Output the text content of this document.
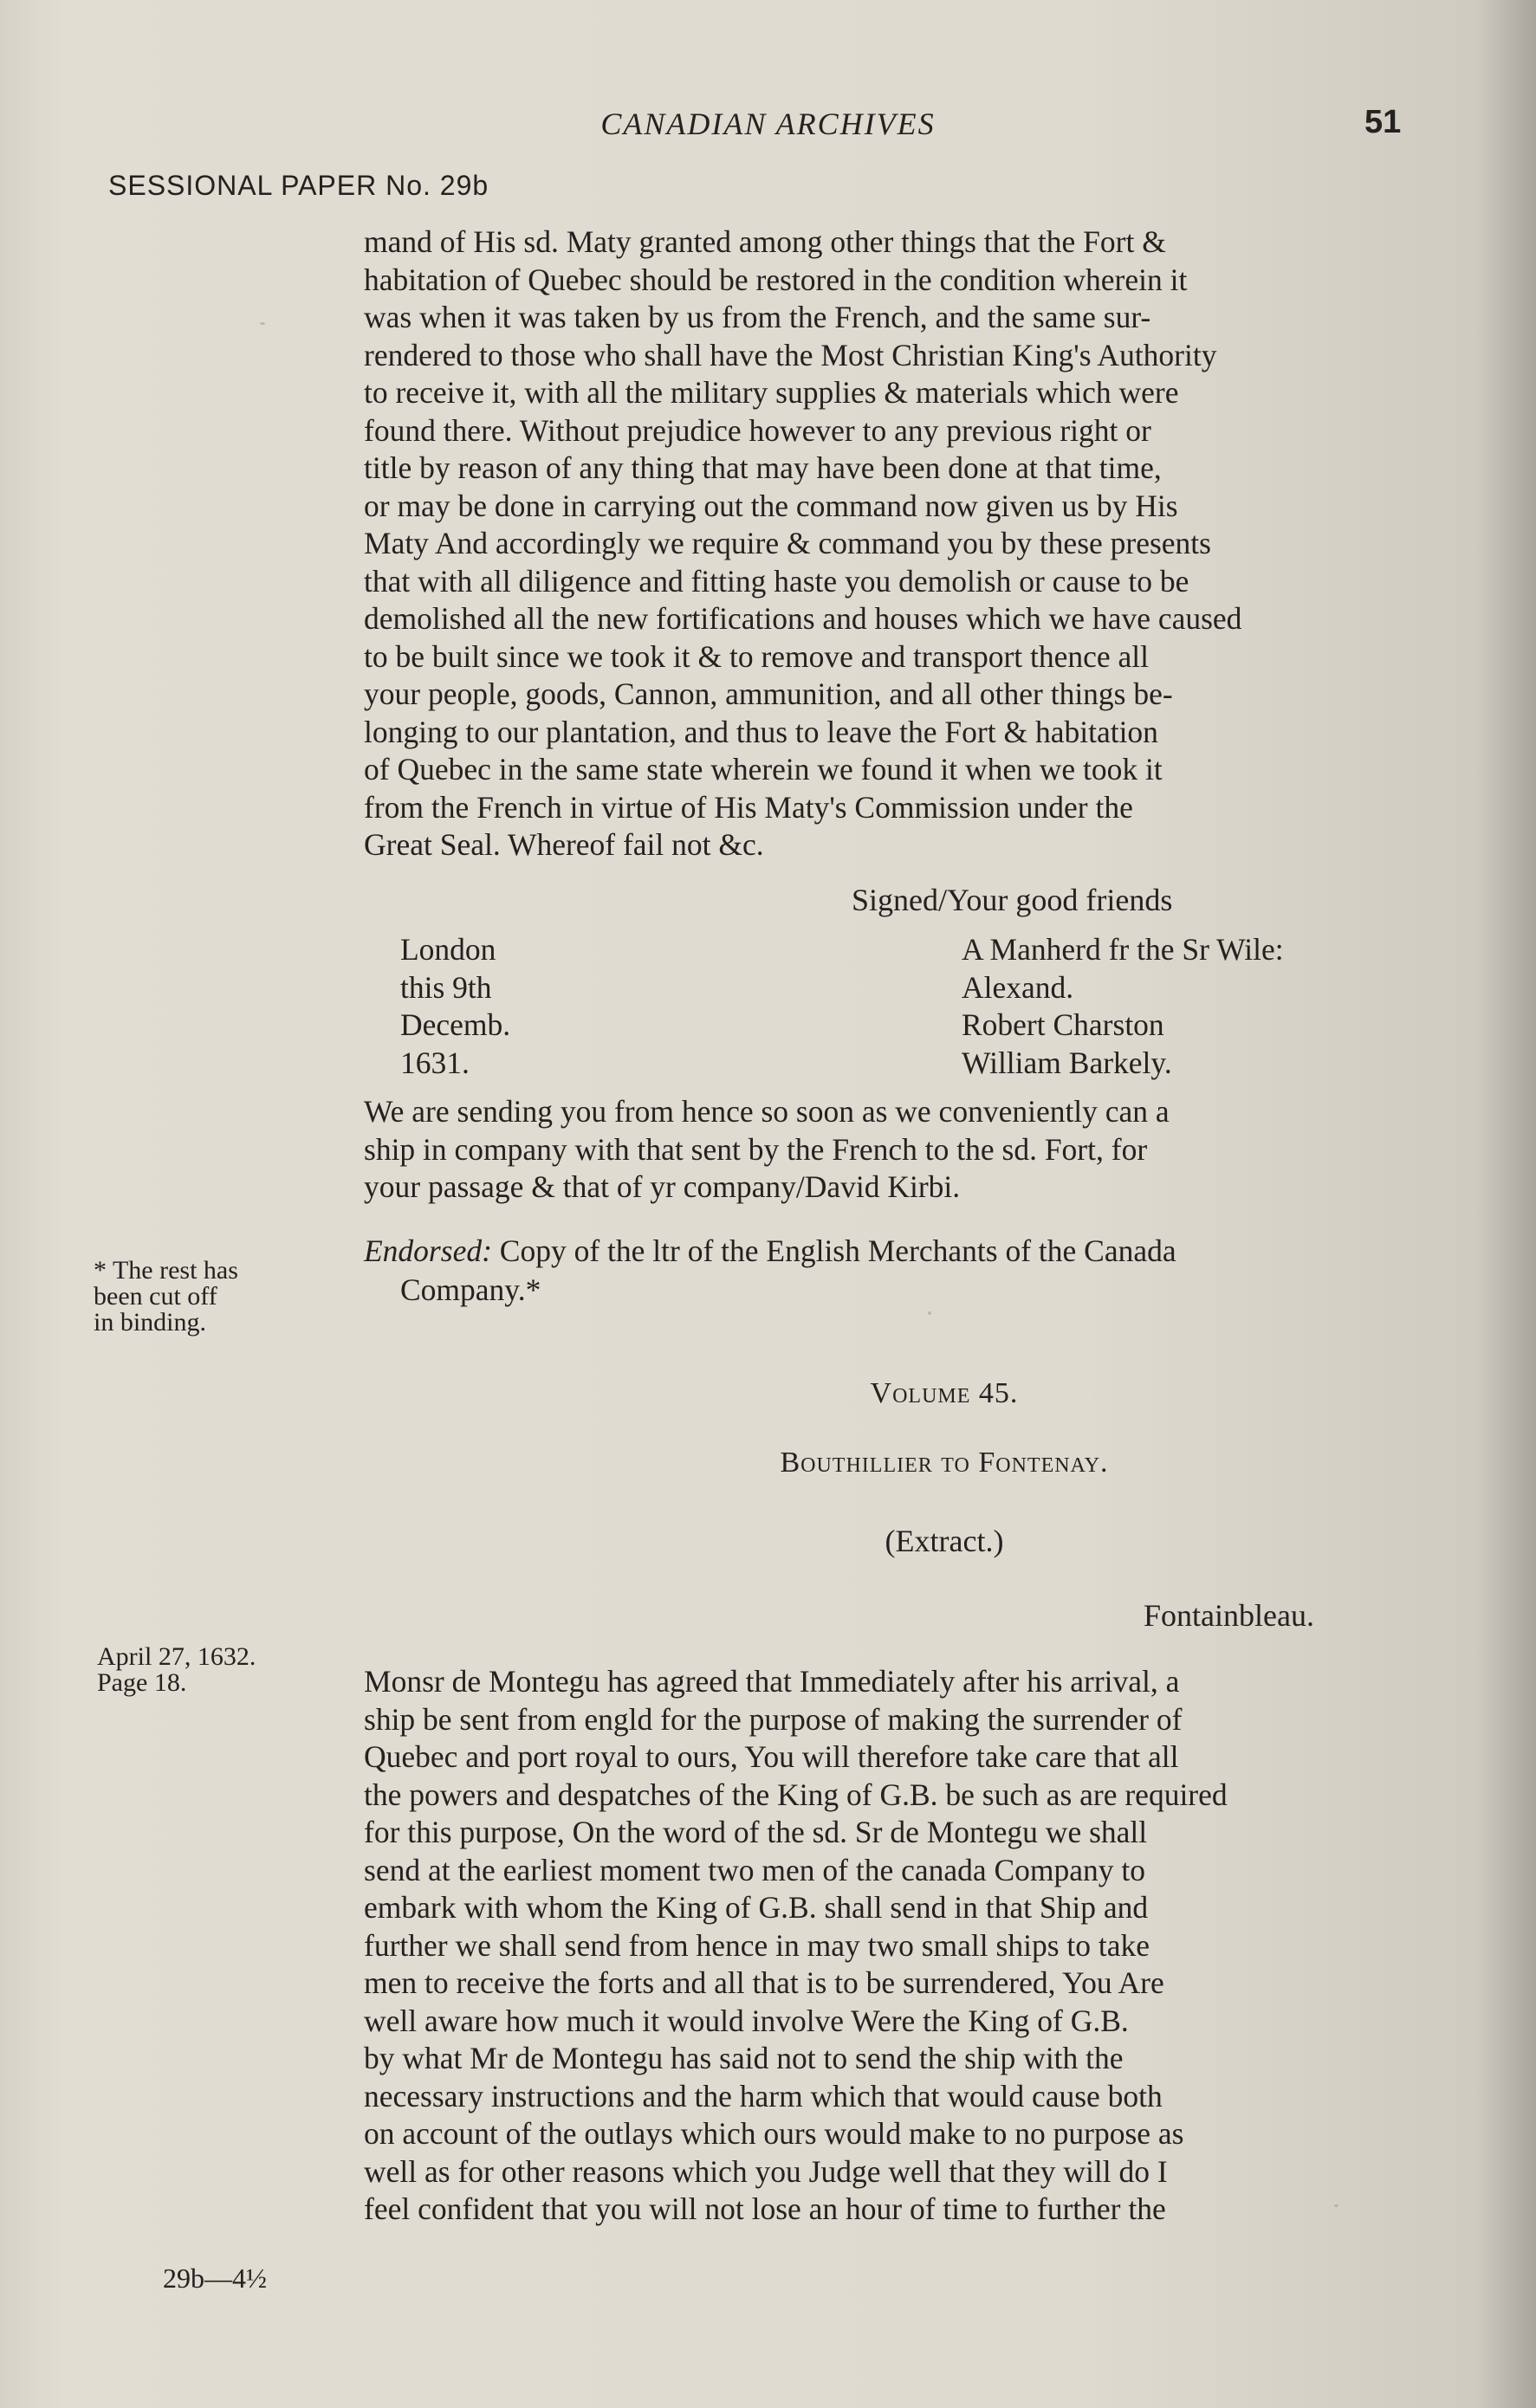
CANADIAN ARCHIVES	51
SESSIONAL PAPER No. 29b

mand of His sd. Maty granted among other things that the Fort &

habitation of Quebec should be restored in the condition wherein it

was when it was taken by us from the French, and the same sur-

rendered to those who shall have the Most Christian King's Authority

to receive it, with all the military supplies & materials which were

found there. Without prejudice however to any previous right or

title by reason of any thing that may have been done at that time,

or may be done in carrying out the command now given us by His

Maty And accordingly we require & command you by these presents

that with all diligence and fitting haste you demolish or cause to be

demolished all the new fortifications and houses which we have caused

to be built since we took it & to remove and transport thence all

your people, goods, Cannon, ammunition, and all other things be-

longing to our plantation, and thus to leave the Fort & habitation

of Quebec in the same state wherein we found it when we took it

from the French in virtue of His Maty's Commission under the

Great Seal. Whereof fail not &c.

Signed/Your good friends
London
this 9th
Decemb.
1631.
A Manherd fr the Sr Wile:
Alexand.
Robert Charston
William Barkely.

We are sending you from hence so soon as we conveniently can a

ship in company with that sent by the French to the sd. Fort, for

your passage & that of yr company/David Kirbi.

Endorsed: Copy of the ltr of the English Merchants of the Canada
Company.*
* The rest has
been cut off
in binding.
Volume 45.
Bouthillier to Fontenay.
(Extract.)
Fontainbleau.
April 27, 1632.
Page 18.	Monsr de Montegu has agreed that Immediately after his arrival, a

ship be sent from engld for the purpose of making the surrender of

Quebec and port royal to ours, You will therefore take care that all

the powers and despatches of the King of G.B. be such as are required

for this purpose, On the word of the sd. Sr de Montegu we shall

send at the earliest moment two men of the canada Company to

embark with whom the King of G.B. shall send in that Ship and

further we shall send from hence in may two small ships to take

men to receive the forts and all that is to be surrendered, You Are

well aware how much it would involve Were the King of G.B.

by what Mr de Montegu has said not to send the ship with the

necessary instructions and the harm which that would cause both

on account of the outlays which ours would make to no purpose as

well as for other reasons which you Judge well that they will do I

feel confident that you will not lose an hour of time to further the

29b—4½
